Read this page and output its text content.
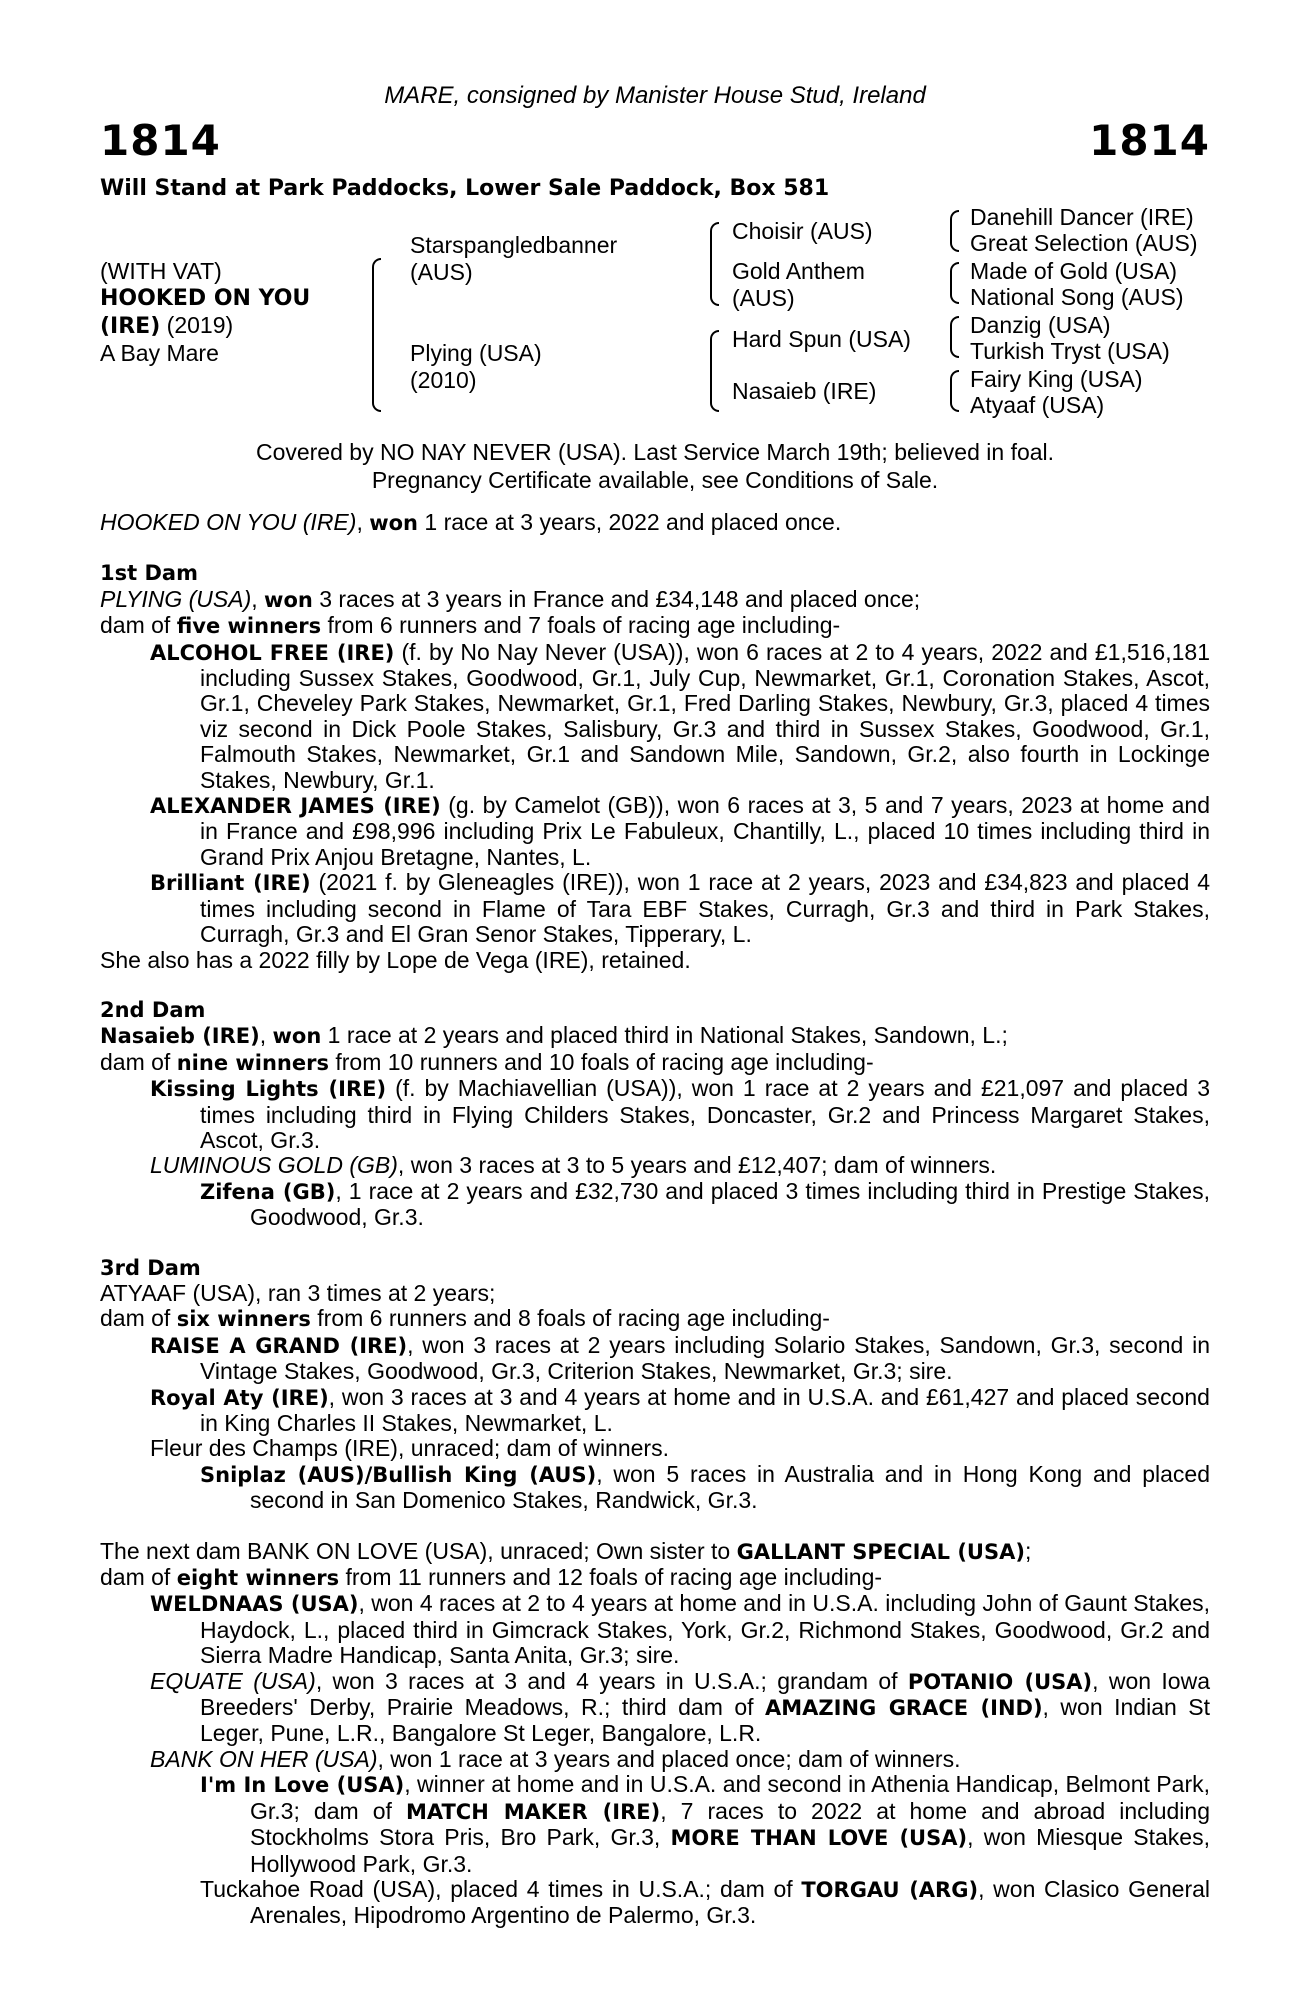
MARE, consigned by Manister House Stud, Ireland
1814	1814
Will Stand at Park Paddocks, Lower Sale Paddock, Box 581
(WITH VAT)
HOOKED ON YOU
(IRE) (2019)
A Bay Mare
Starspangledbanner
(AUS)
Plying (USA)
(2010)
Choisir (AUS)
Gold Anthem
(AUS)
Hard Spun (USA)
Nasaieb (IRE)
Danehill Dancer (IRE)
Great Selection (AUS)
Made of Gold (USA)
National Song (AUS)
Danzig (USA)
Turkish Tryst (USA)
Fairy King (USA)
Atyaaf (USA)
Covered by NO NAY NEVER (USA). Last Service March 19th; believed in foal.
Pregnancy Certificate available, see Conditions of Sale.

HOOKED ON YOU (IRE), won 1 race at 3 years, 2022 and placed once.

1st Dam

PLYING (USA), won 3 races at 3 years in France and £34,148 and placed once;

dam of five winners from 6 runners and 7 foals of racing age including-

ALCOHOL FREE (IRE) (f. by No Nay Never (USA)), won 6 races at 2 to 4 years, 2022 and £1,516,181 including Sussex Stakes, Goodwood, Gr.1, July Cup, Newmarket, Gr.1, Coronation Stakes, Ascot, Gr.1, Cheveley Park Stakes, Newmarket, Gr.1, Fred Darling Stakes, Newbury, Gr.3, placed 4 times viz second in Dick Poole Stakes, Salisbury, Gr.3 and third in Sussex Stakes, Goodwood, Gr.1, Falmouth Stakes, Newmarket, Gr.1 and Sandown Mile, Sandown, Gr.2, also fourth in Lockinge Stakes, Newbury, Gr.1.

ALEXANDER JAMES (IRE) (g. by Camelot (GB)), won 6 races at 3, 5 and 7 years, 2023 at home and in France and £98,996 including Prix Le Fabuleux, Chantilly, L., placed 10 times including third in Grand Prix Anjou Bretagne, Nantes, L.

Brilliant (IRE) (2021 f. by Gleneagles (IRE)), won 1 race at 2 years, 2023 and £34,823 and placed 4 times including second in Flame of Tara EBF Stakes, Curragh, Gr.3 and third in Park Stakes, Curragh, Gr.3 and El Gran Senor Stakes, Tipperary, L.

She also has a 2022 filly by Lope de Vega (IRE), retained.

2nd Dam

Nasaieb (IRE), won 1 race at 2 years and placed third in National Stakes, Sandown, L.;

dam of nine winners from 10 runners and 10 foals of racing age including-

Kissing Lights (IRE) (f. by Machiavellian (USA)), won 1 race at 2 years and £21,097 and placed 3 times including third in Flying Childers Stakes, Doncaster, Gr.2 and Princess Margaret Stakes, Ascot, Gr.3.

LUMINOUS GOLD (GB), won 3 races at 3 to 5 years and £12,407; dam of winners.

Zifena (GB), 1 race at 2 years and £32,730 and placed 3 times including third in Prestige Stakes, Goodwood, Gr.3.

3rd Dam

ATYAAF (USA), ran 3 times at 2 years;

dam of six winners from 6 runners and 8 foals of racing age including-

RAISE A GRAND (IRE), won 3 races at 2 years including Solario Stakes, Sandown, Gr.3, second in Vintage Stakes, Goodwood, Gr.3, Criterion Stakes, Newmarket, Gr.3; sire.

Royal Aty (IRE), won 3 races at 3 and 4 years at home and in U.S.A. and £61,427 and placed second in King Charles II Stakes, Newmarket, L.

Fleur des Champs (IRE), unraced; dam of winners.

Sniplaz (AUS)/Bullish King (AUS), won 5 races in Australia and in Hong Kong and placed second in San Domenico Stakes, Randwick, Gr.3.

The next dam BANK ON LOVE (USA), unraced; Own sister to GALLANT SPECIAL (USA);

dam of eight winners from 11 runners and 12 foals of racing age including-

WELDNAAS (USA), won 4 races at 2 to 4 years at home and in U.S.A. including John of Gaunt Stakes, Haydock, L., placed third in Gimcrack Stakes, York, Gr.2, Richmond Stakes, Goodwood, Gr.2 and Sierra Madre Handicap, Santa Anita, Gr.3; sire.

EQUATE (USA), won 3 races at 3 and 4 years in U.S.A.; grandam of POTANIO (USA), won Iowa Breeders' Derby, Prairie Meadows, R.; third dam of AMAZING GRACE (IND), won Indian St Leger, Pune, L.R., Bangalore St Leger, Bangalore, L.R.

BANK ON HER (USA), won 1 race at 3 years and placed once; dam of winners.

I'm In Love (USA), winner at home and in U.S.A. and second in Athenia Handicap, Belmont Park, Gr.3; dam of MATCH MAKER (IRE), 7 races to 2022 at home and abroad including Stockholms Stora Pris, Bro Park, Gr.3, MORE THAN LOVE (USA), won Miesque Stakes, Hollywood Park, Gr.3.

Tuckahoe Road (USA), placed 4 times in U.S.A.; dam of TORGAU (ARG), won Clasico General Arenales, Hipodromo Argentino de Palermo, Gr.3.
